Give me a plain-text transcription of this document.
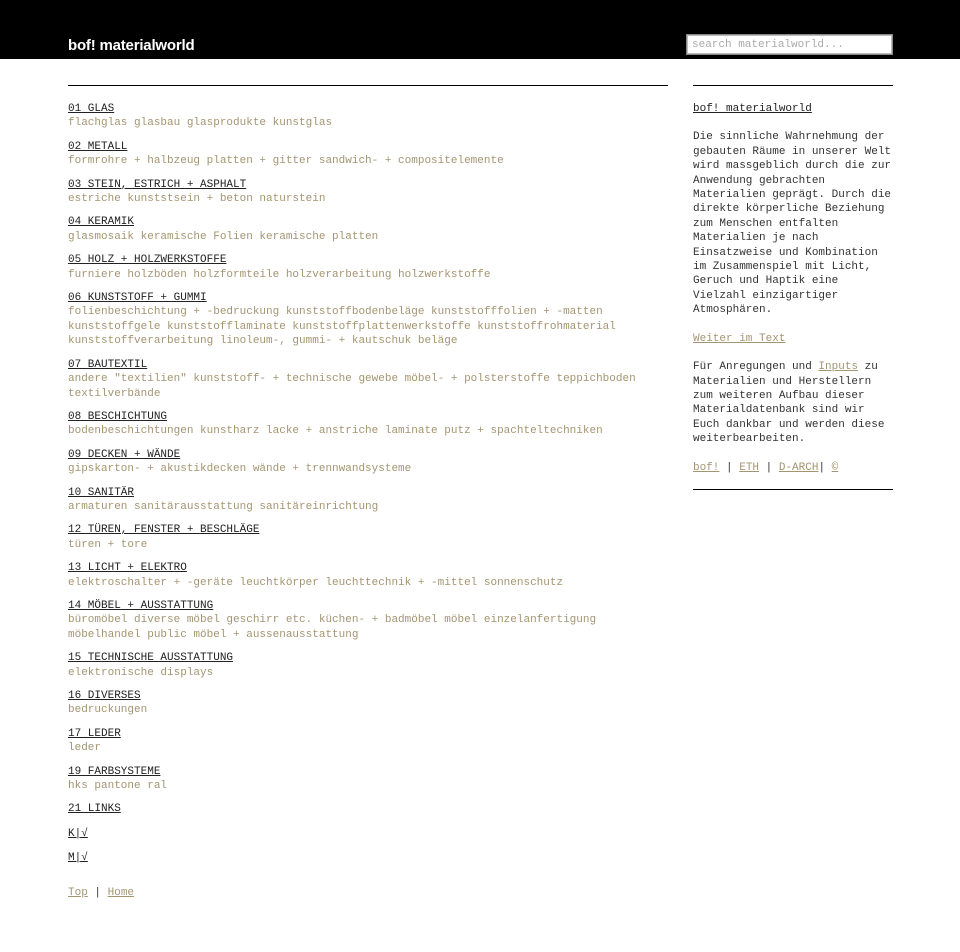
bof! materialworld
search materialworld...
01 GLAS

flachglas glasbau glasprodukte kunstglas

02 METALL

formrohre + halbzeug platten + gitter sandwich- + compositelemente

03 STEIN, ESTRICH + ASPHALT

estriche kunststsein + beton naturstein

04 KERAMIK

glasmosaik keramische Folien keramische platten

05 HOLZ + HOLZWERKSTOFFE

furniere holzböden holzformteile holzverarbeitung holzwerkstoffe

06 KUNSTSTOFF + GUMMI

folienbeschichtung + -bedruckung kunststoffbodenbeläge kunststofffolien + -matten kunststoffgele kunststofflaminate kunststoffplattenwerkstoffe kunststoffrohmaterial kunststoffverarbeitung linoleum-, gummi- + kautschuk beläge

07 BAUTEXTIL

andere "textilien" kunststoff- + technische gewebe möbel- + polsterstoffe teppichboden textilverbände

08 BESCHICHTUNG

bodenbeschichtungen kunstharz lacke + anstriche laminate putz + spachteltechniken

09 DECKEN + WÄNDE

gipskarton- + akustikdecken wände + trennwandsysteme

10 SANITÄR

armaturen sanitärausstattung sanitäreinrichtung

12 TÜREN, FENSTER + BESCHLÄGE

türen + tore

13 LICHT + ELEKTRO

elektroschalter + -geräte leuchtkörper leuchttechnik + -mittel sonnenschutz

14 MÖBEL + AUSSTATTUNG

büromöbel diverse möbel geschirr etc. küchen- + badmöbel möbel einzelanfertigung möbelhandel public möbel + aussenausstattung

15 TECHNISCHE AUSSTATTUNG

elektronische displays

16 DIVERSES

bedruckungen

17 LEDER

leder

19 FARBSYSTEME

hks pantone ral

21 LINKS
K|√
M|√
Top | Home
bof! materialworld

Die sinnliche Wahrnehmung der gebauten Räume in unserer Welt wird massgeblich durch die zur Anwendung gebrachten Materialien geprägt. Durch die direkte körperliche Beziehung zum Menschen entfalten Materialien je nach Einsatzweise und Kombination im Zusammenspiel mit Licht, Geruch und Haptik eine Vielzahl einzigartiger Atmosphären.

Weiter im Text

Für Anregungen und Inputs zu Materialien und Herstellern zum weiteren Aufbau dieser Materialdatenbank sind wir Euch dankbar und werden diese weiterbearbeiten.

bof! | ETH | D-ARCH| ©
